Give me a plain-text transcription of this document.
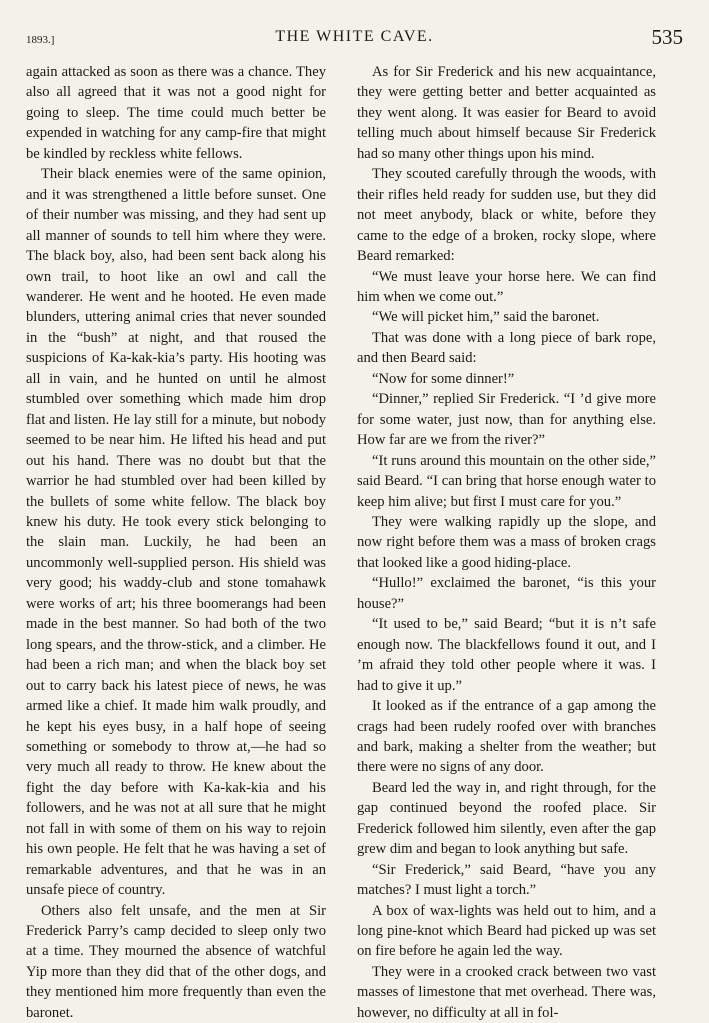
1893.]	THE WHITE CAVE.	535

again attacked as soon as there was a chance. They also all agreed that it was not a good night for going to sleep. The time could much better be expended in watching for any camp-fire that might be kindled by reckless white fellows.

Their black enemies were of the same opinion, and it was strengthened a little before sunset. One of their number was missing, and they had sent up all manner of sounds to tell him where they were. The black boy, also, had been sent back along his own trail, to hoot like an owl and call the wanderer. He went and he hooted. He even made blunders, uttering animal cries that never sounded in the “bush” at night, and that roused the suspicions of Ka-kak-kia’s party. His hooting was all in vain, and he hunted on until he almost stumbled over something which made him drop flat and listen. He lay still for a minute, but nobody seemed to be near him. He lifted his head and put out his hand. There was no doubt but that the warrior he had stumbled over had been killed by the bullets of some white fellow. The black boy knew his duty. He took every stick belonging to the slain man. Luckily, he had been an uncommonly well-supplied person. His shield was very good; his waddy-club and stone tomahawk were works of art; his three boomerangs had been made in the best manner. So had both of the two long spears, and the throw-stick, and a climber. He had been a rich man; and when the black boy set out to carry back his latest piece of news, he was armed like a chief. It made him walk proudly, and he kept his eyes busy, in a half hope of seeing something or somebody to throw at,—he had so very much all ready to throw. He knew about the fight the day before with Ka-kak-kia and his followers, and he was not at all sure that he might not fall in with some of them on his way to rejoin his own people. He felt that he was having a set of remarkable adventures, and that he was in an unsafe piece of country.

Others also felt unsafe, and the men at Sir Frederick Parry’s camp decided to sleep only two at a time. They mourned the absence of watchful Yip more than they did that of the other dogs, and they mentioned him more frequently than even the baronet.

As for Sir Frederick and his new acquaintance, they were getting better and better acquainted as they went along. It was easier for Beard to avoid telling much about himself because Sir Frederick had so many other things upon his mind.

They scouted carefully through the woods, with their rifles held ready for sudden use, but they did not meet anybody, black or white, before they came to the edge of a broken, rocky slope, where Beard remarked:

“We must leave your horse here. We can find him when we come out.”

“We will picket him,” said the baronet.

That was done with a long piece of bark rope, and then Beard said:

“Now for some dinner!”

“Dinner,” replied Sir Frederick. “I ’d give more for some water, just now, than for anything else. How far are we from the river?”

“It runs around this mountain on the other side,” said Beard. “I can bring that horse enough water to keep him alive; but first I must care for you.”

They were walking rapidly up the slope, and now right before them was a mass of broken crags that looked like a good hiding-place.

“Hullo!” exclaimed the baronet, “is this your house?”

“It used to be,” said Beard; “but it is n’t safe enough now. The blackfellows found it out, and I ’m afraid they told other people where it was. I had to give it up.”

It looked as if the entrance of a gap among the crags had been rudely roofed over with branches and bark, making a shelter from the weather; but there were no signs of any door.

Beard led the way in, and right through, for the gap continued beyond the roofed place. Sir Frederick followed him silently, even after the gap grew dim and began to look anything but safe.

“Sir Frederick,” said Beard, “have you any matches? I must light a torch.”

A box of wax-lights was held out to him, and a long pine-knot which Beard had picked up was set on fire before he again led the way.

They were in a crooked crack between two vast masses of limestone that met overhead. There was, however, no difficulty at all in fol-
